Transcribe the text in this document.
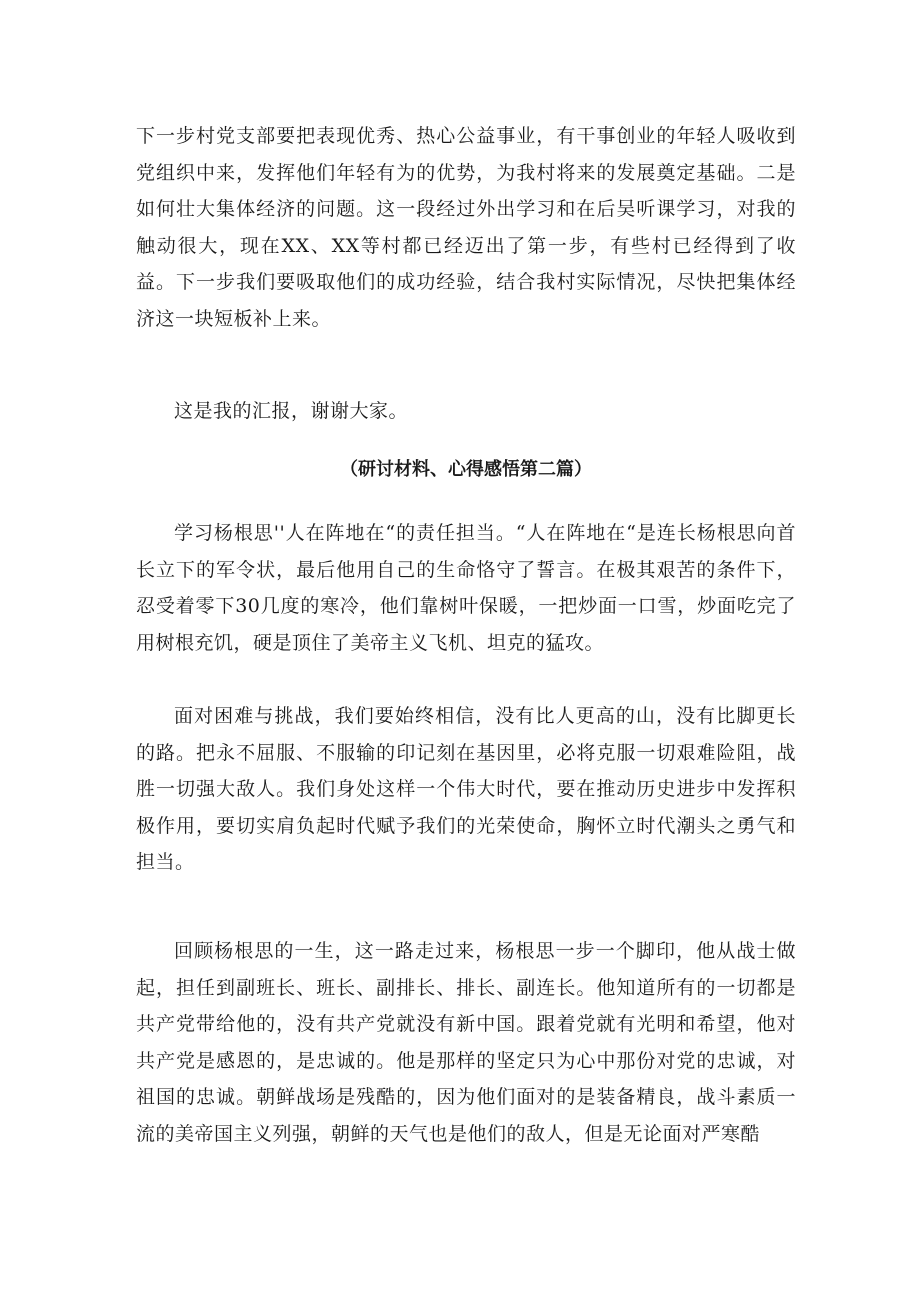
下一步村党支部要把表现优秀、热心公益事业，有干事创业的年轻人吸收到党组织中来，发挥他们年轻有为的优势，为我村将来的发展奠定基础。二是如何壮大集体经济的问题。这一段经过外出学习和在后吴听课学习，对我的触动很大，现在XX、XX等村都已经迈出了第一步，有些村已经得到了收益。下一步我们要吸取他们的成功经验，结合我村实际情况，尽快把集体经济这一块短板补上来。

这是我的汇报，谢谢大家。

（研讨材料、心得感悟第二篇）

学习杨根思''人在阵地在“的责任担当。“人在阵地在“是连长杨根思向首长立下的军令状，最后他用自己的生命恪守了誓言。在极其艰苦的条件下，忍受着零下30几度的寒冷，他们靠树叶保暖，一把炒面一口雪，炒面吃完了用树根充饥，硬是顶住了美帝主义飞机、坦克的猛攻。

面对困难与挑战，我们要始终相信，没有比人更高的山，没有比脚更长的路。把永不屈服、不服输的印记刻在基因里，必将克服一切艰难险阻，战胜一切强大敌人。我们身处这样一个伟大时代，要在推动历史进步中发挥积极作用，要切实肩负起时代赋予我们的光荣使命，胸怀立时代潮头之勇气和担当。

回顾杨根思的一生，这一路走过来，杨根思一步一个脚印，他从战士做起，担任到副班长、班长、副排长、排长、副连长。他知道所有的一切都是共产党带给他的，没有共产党就没有新中国。跟着党就有光明和希望，他对共产党是感恩的，是忠诚的。他是那样的坚定只为心中那份对党的忠诚，对祖国的忠诚。朝鲜战场是残酷的，因为他们面对的是装备精良，战斗素质一流的美帝国主义列强，朝鲜的天气也是他们的敌人，但是无论面对严寒酷
